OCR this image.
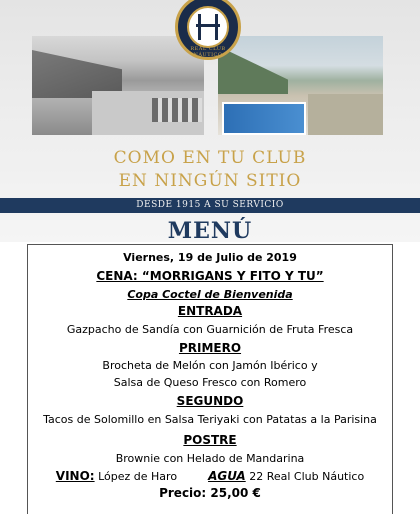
REAL CLUB NÁUTICO
COMO EN TU CLUB
EN NINGÚN SITIO
DESDE 1915 A SU SERVICIO
MENÚ
Viernes, 19 de Julio de 2019
CENA: “MORRIGANS Y FITO Y TU”
Copa Coctel de Bienvenida
ENTRADA
Gazpacho de Sandía con Guarnición de Fruta Fresca
PRIMERO
Brocheta de Melón con Jamón Ibérico y
Salsa de Queso Fresco con Romero
SEGUNDO
Tacos de Solomillo en Salsa Teriyaki con Patatas a la Parisina
POSTRE
Brownie con Helado de Mandarina
VINO: López de Haro	AGUA 22 Real Club Náutico
Precio: 25,00 €
